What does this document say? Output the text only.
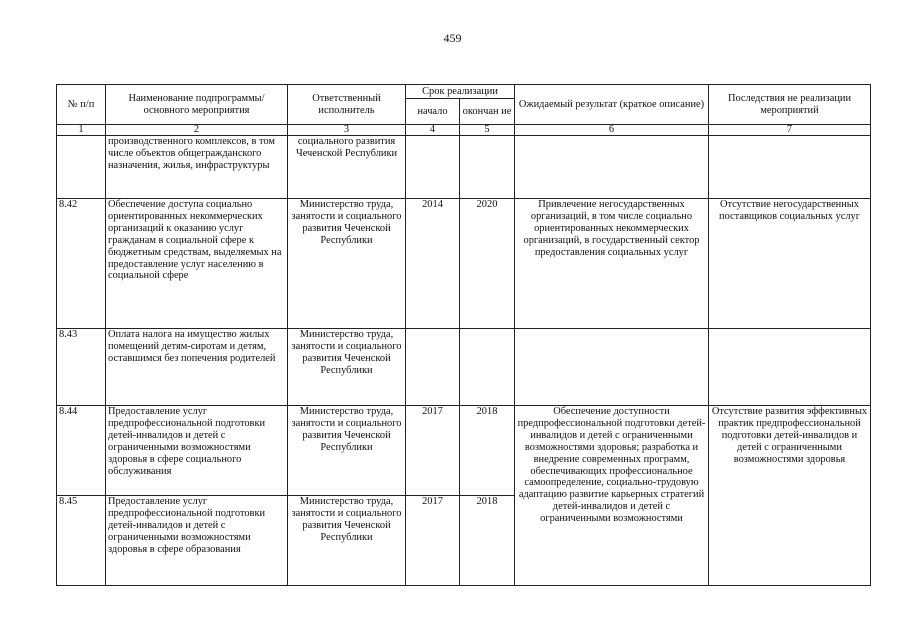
459
№ п/п	Наименование подпрограммы/ основного мероприятия	Ответственный исполнитель	Срок реализации		Ожидаемый результат (краткое описание)	Последствия не реализации мероприятий
			начало	окончан ие		
1	2	3	4	5	6	7
	производственного комплексов, в том числе объектов общегражданского назначения, жилья, инфраструктуры	социального развития Чеченской Республики				
8.42	Обеспечение доступа социально ориентированных некоммерческих организаций к оказанию услуг гражданам в социальной сфере к бюджетным средствам, выделяемых на предоставление услуг населению в социальной сфере	Министерство труда, занятости и социального развития Чеченской Республики	2014	2020	Привлечение негосударственных организаций, в том числе социально ориентированных некоммерческих организаций, в государственный сектор предоставления социальных услуг	Отсутствие негосударственных поставщиков социальных услуг
8.43	Оплата налога на имущество жилых помещений детям-сиротам и детям, оставшимся без попечения родителей	Министерство труда, занятости и социального развития Чеченской Республики				
8.44	Предоставление услуг предпрофессиональной подготовки детей-инвалидов и детей с ограниченными возможностями здоровья в сфере социального обслуживания	Министерство труда, занятости и социального развития Чеченской Республики	2017	2018	Обеспечение доступности предпрофессиональной подготовки детей-инвалидов и детей с ограниченными возможностями здоровья; разработка и внедрение современных программ, обеспечивающих профессиональное самоопределение, социально-трудовую адаптацию развитие карьерных стратегий детей-инвалидов и детей с ограниченными возможностями	Отсутствие развития эффективных практик предпрофессиональной подготовки детей-инвалидов и детей с ограниченными возможностями здоровья
8.45	Предоставление услуг предпрофессиональной подготовки детей-инвалидов и детей с ограниченными возможностями здоровья в сфере образования	Министерство труда, занятости и социального развития Чеченской Республики	2017	2018		
